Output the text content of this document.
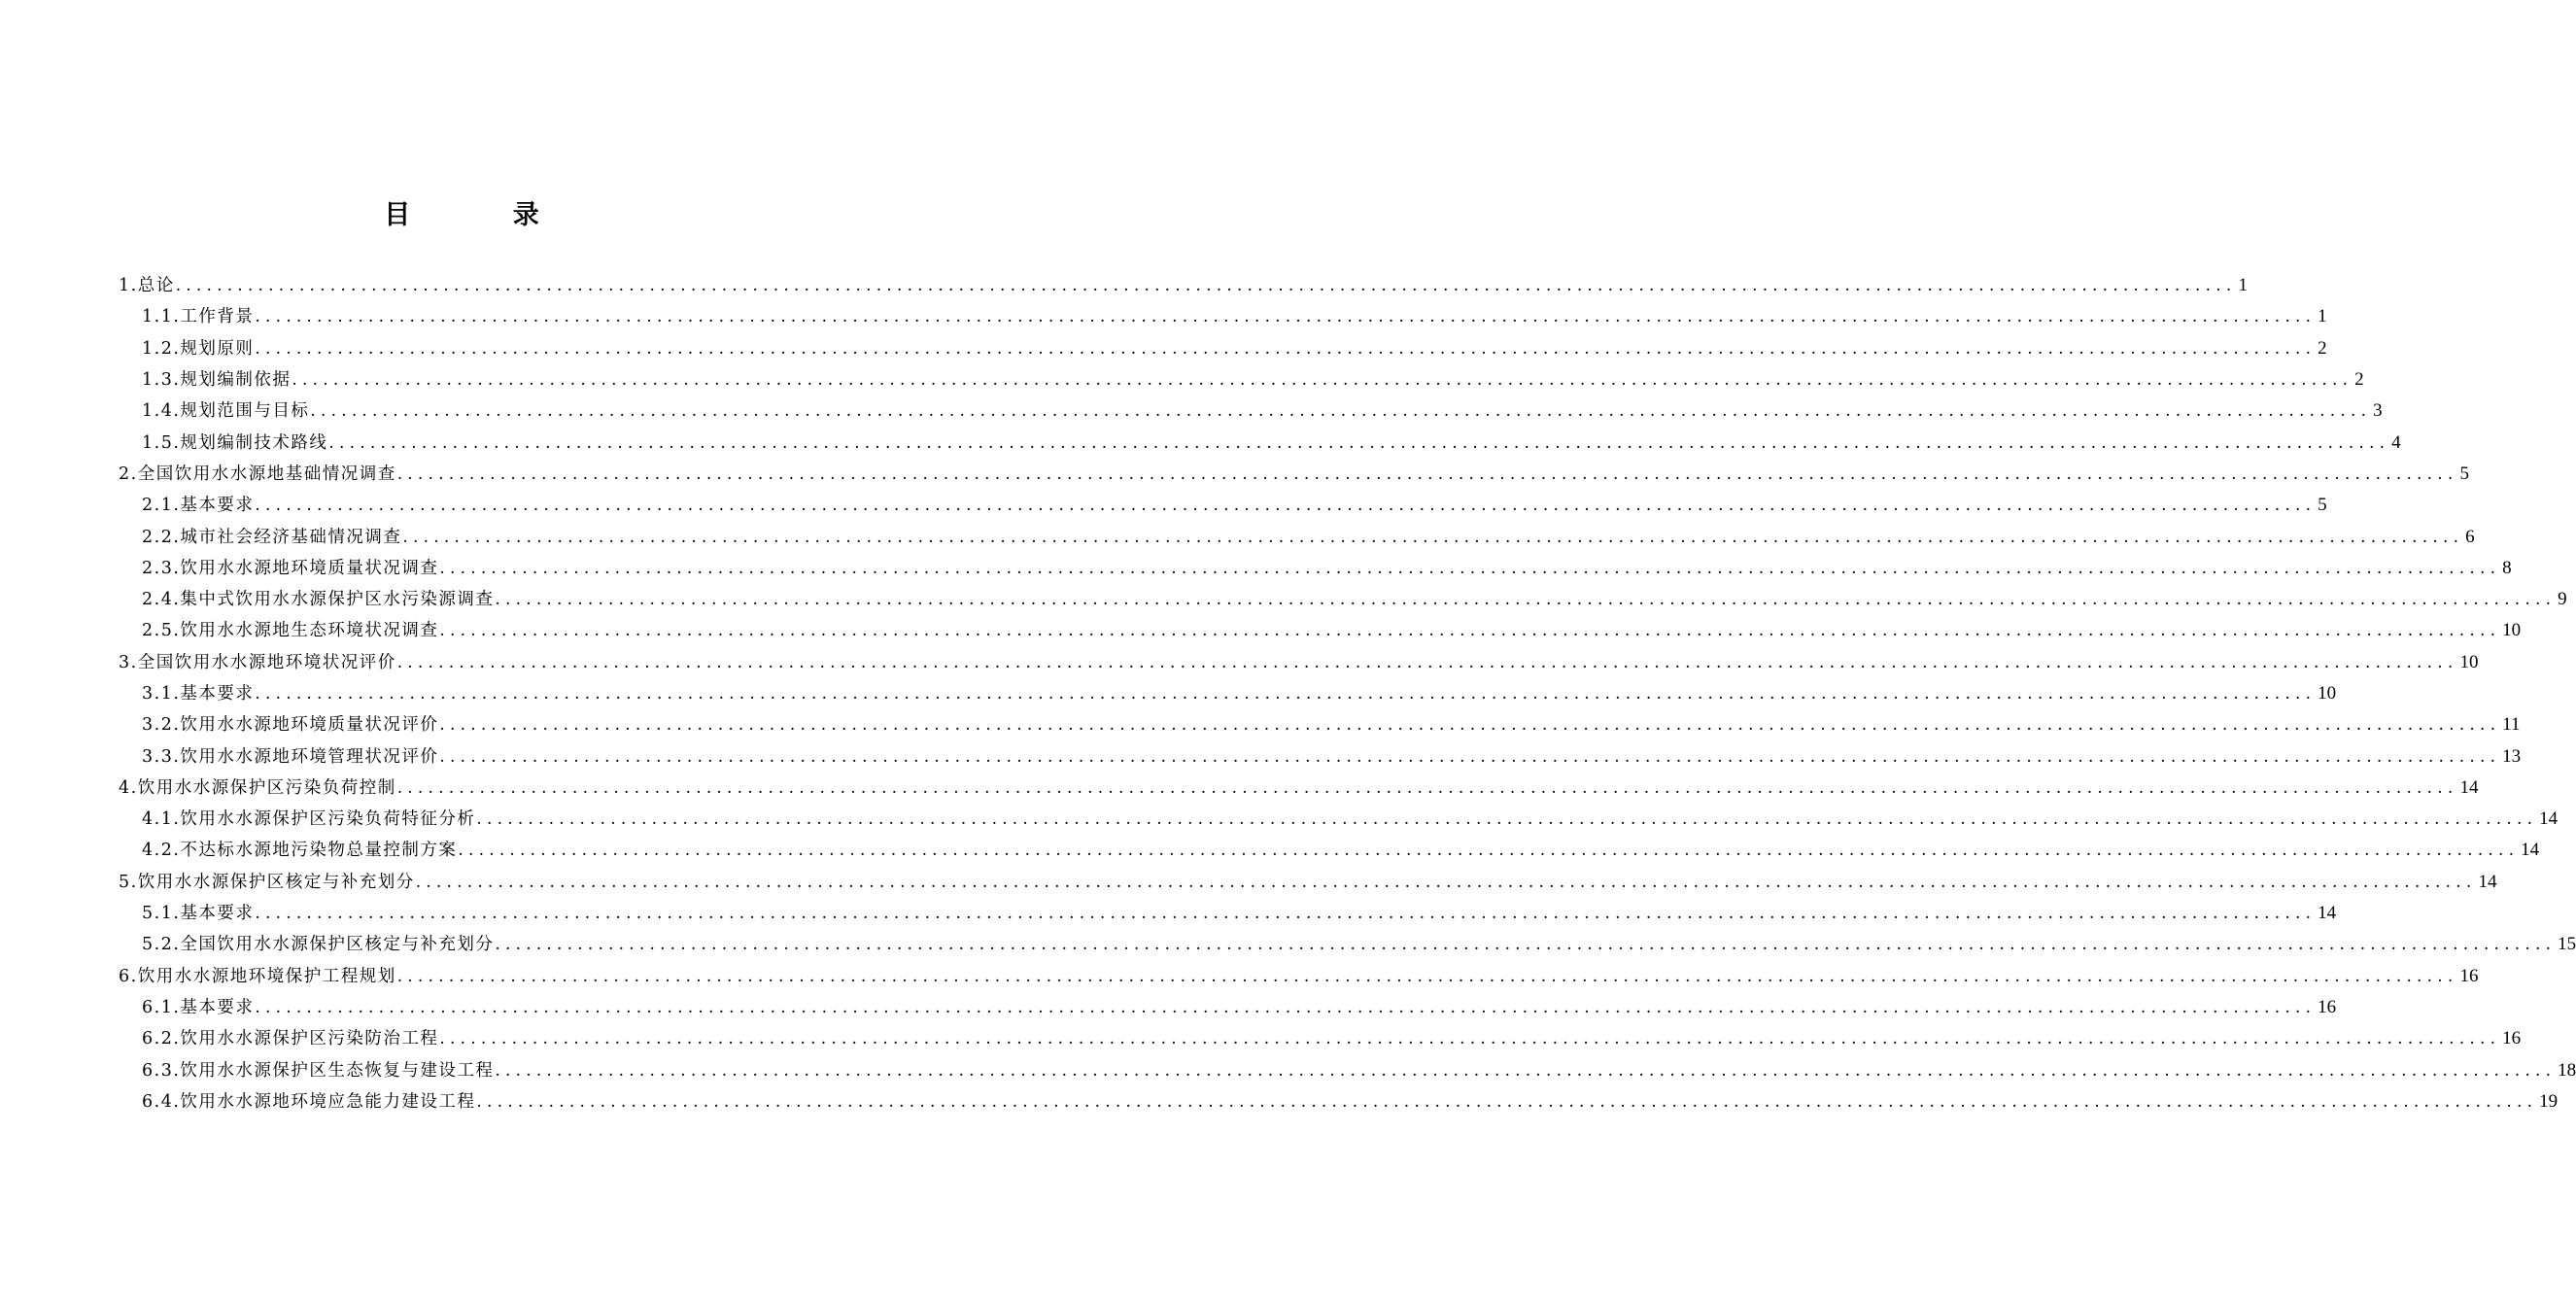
目 录
1.总论 ........................................................................................................................................................................................................ 1
1.1.工作背景 ........................................................................................................................................................................................................ 1
1.2.规划原则 ........................................................................................................................................................................................................ 2
1.3.规划编制依据 ........................................................................................................................................................................................................ 2
1.4.规划范围与目标 ........................................................................................................................................................................................................ 3
1.5.规划编制技术路线 ........................................................................................................................................................................................................ 4
2.全国饮用水水源地基础情况调查 ........................................................................................................................................................................................................ 5
2.1.基本要求 ........................................................................................................................................................................................................ 5
2.2.城市社会经济基础情况调查 ........................................................................................................................................................................................................ 6
2.3.饮用水水源地环境质量状况调查 ........................................................................................................................................................................................................ 8
2.4.集中式饮用水水源保护区水污染源调查 ........................................................................................................................................................................................................ 9
2.5.饮用水水源地生态环境状况调查 ........................................................................................................................................................................................................ 10
3.全国饮用水水源地环境状况评价 ........................................................................................................................................................................................................ 10
3.1.基本要求 ........................................................................................................................................................................................................ 10
3.2.饮用水水源地环境质量状况评价 ........................................................................................................................................................................................................ 11
3.3.饮用水水源地环境管理状况评价 ........................................................................................................................................................................................................ 13
4.饮用水水源保护区污染负荷控制 ........................................................................................................................................................................................................ 14
4.1.饮用水水源保护区污染负荷特征分析 ........................................................................................................................................................................................................ 14
4.2.不达标水源地污染物总量控制方案 ........................................................................................................................................................................................................ 14
5.饮用水水源保护区核定与补充划分 ........................................................................................................................................................................................................ 14
5.1.基本要求 ........................................................................................................................................................................................................ 14
5.2.全国饮用水水源保护区核定与补充划分 ........................................................................................................................................................................................................ 15
6.饮用水水源地环境保护工程规划 ........................................................................................................................................................................................................ 16
6.1.基本要求 ........................................................................................................................................................................................................ 16
6.2.饮用水水源保护区污染防治工程 ........................................................................................................................................................................................................ 16
6.3.饮用水水源保护区生态恢复与建设工程 ........................................................................................................................................................................................................ 18
6.4.饮用水水源地环境应急能力建设工程 ........................................................................................................................................................................................................ 19
